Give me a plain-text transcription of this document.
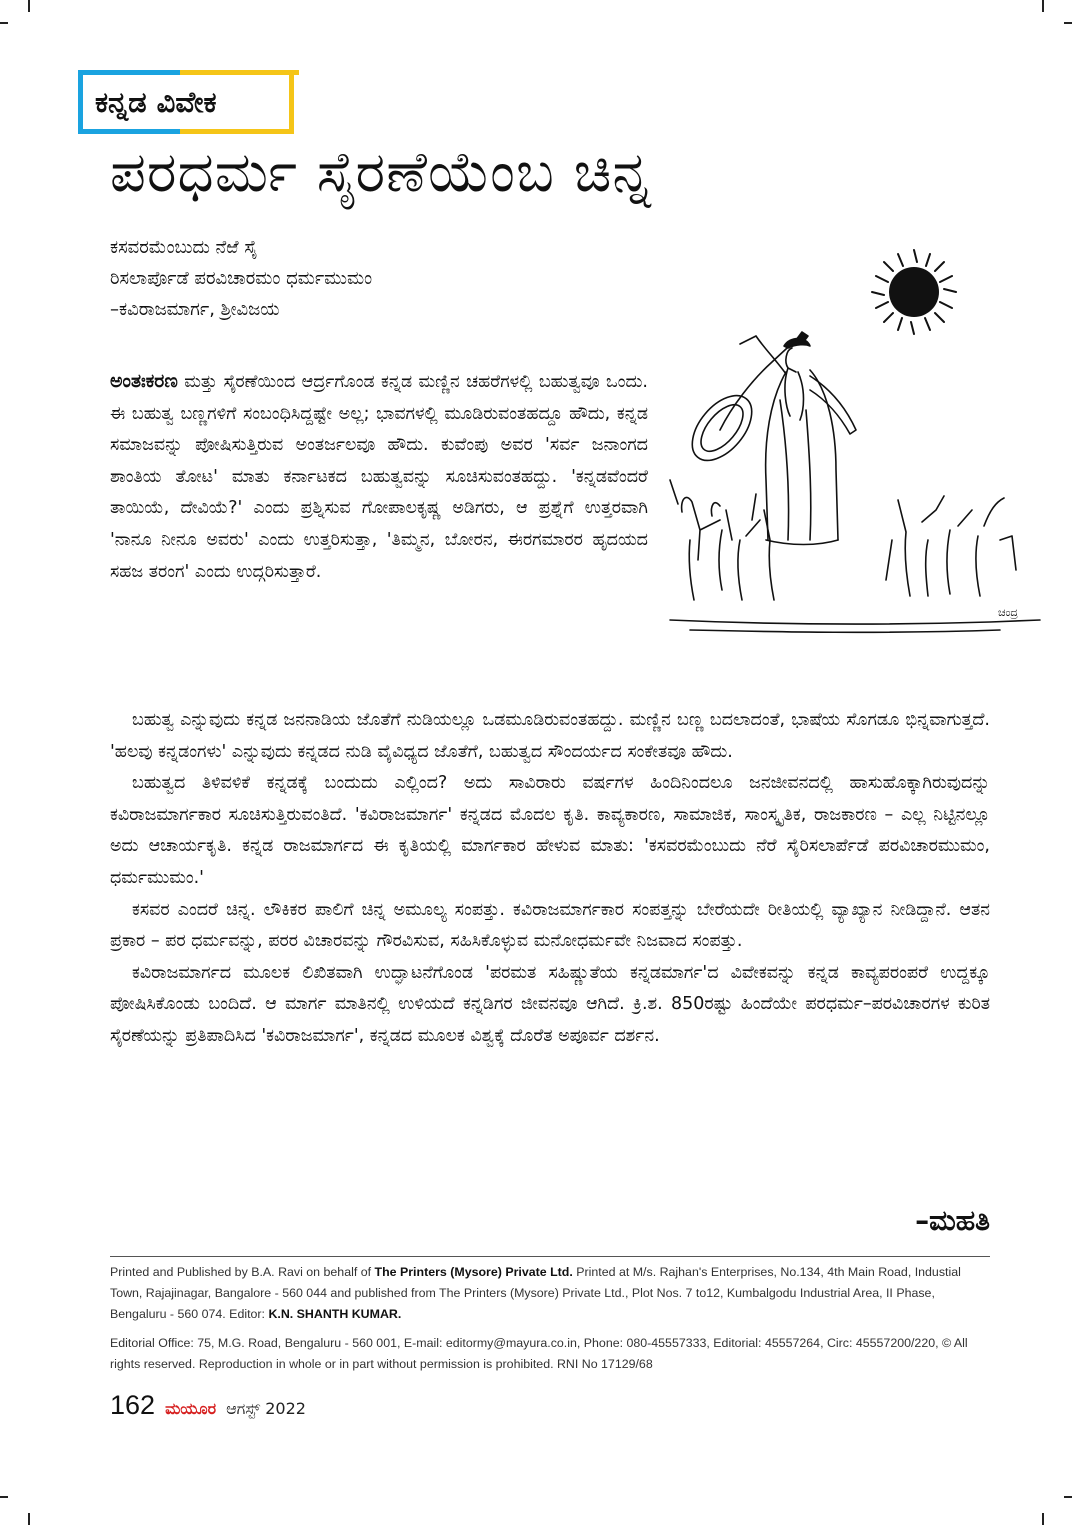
ಕನ್ನಡ ವಿವೇಕ
ಪರಧರ್ಮ ಸೈರಣೆಯೆಂಬ ಚಿನ್ನ
ಕಸವರಮೆಂಬುದು ನೆಱೆ ಸೈ
ರಿಸಲಾರ್ಪೊಡೆ ಪರವಿಚಾರಮಂ ಧರ್ಮಮುಮಂ
–ಕವಿರಾಜಮಾರ್ಗ, ಶ್ರೀವಿಜಯ
ಚಂದ್ರ
ಅಂತಃಕರಣ ಮತ್ತು ಸೈರಣೆಯಿಂದ ಆರ್ದ್ರಗೊಂಡ ಕನ್ನಡ ಮಣ್ಣಿನ ಚಹರೆಗಳಲ್ಲಿ ಬಹುತ್ವವೂ ಒಂದು. ಈ ಬಹುತ್ವ ಬಣ್ಣಗಳಿಗೆ ಸಂಬಂಧಿಸಿದ್ದಷ್ಟೇ ಅಲ್ಲ; ಭಾವಗಳಲ್ಲಿ ಮೂಡಿರುವಂತಹದ್ದೂ ಹೌದು, ಕನ್ನಡ ಸಮಾಜವನ್ನು ಪೋಷಿಸುತ್ತಿರುವ ಅಂತರ್ಜಲವೂ ಹೌದು. ಕುವೆಂಪು ಅವರ 'ಸರ್ವ ಜನಾಂಗದ ಶಾಂತಿಯ ತೋಟ' ಮಾತು ಕರ್ನಾಟಕದ ಬಹುತ್ವವನ್ನು ಸೂಚಿಸುವಂತಹದ್ದು. 'ಕನ್ನಡವೆಂದರೆ ತಾಯಿಯೆ, ದೇವಿಯೆ?' ಎಂದು ಪ್ರಶ್ನಿಸುವ ಗೋಪಾಲಕೃಷ್ಣ ಅಡಿಗರು, ಆ ಪ್ರಶ್ನೆಗೆ ಉತ್ತರವಾಗಿ 'ನಾನೂ ನೀನೂ ಅವರು' ಎಂದು ಉತ್ತರಿಸುತ್ತಾ, 'ತಿಮ್ಮನ, ಬೋರನ, ಈರಗಮಾರರ ಹೃದಯದ ಸಹಜ ತರಂಗ' ಎಂದು ಉದ್ಗರಿಸುತ್ತಾರೆ.

ಬಹುತ್ವ ಎನ್ನುವುದು ಕನ್ನಡ ಜನನಾಡಿಯ ಜೊತೆಗೆ ನುಡಿಯಲ್ಲೂ ಒಡಮೂಡಿರುವಂತಹದ್ದು. ಮಣ್ಣಿನ ಬಣ್ಣ ಬದಲಾದಂತೆ, ಭಾಷೆಯ ಸೊಗಡೂ ಭಿನ್ನವಾಗುತ್ತದೆ. 'ಹಲವು ಕನ್ನಡಂಗಳು' ಎನ್ನುವುದು ಕನ್ನಡದ ನುಡಿ ವೈವಿಧ್ಯದ ಜೊತೆಗೆ, ಬಹುತ್ವದ ಸೌಂದರ್ಯದ ಸಂಕೇತವೂ ಹೌದು.

ಬಹುತ್ವದ ತಿಳಿವಳಿಕೆ ಕನ್ನಡಕ್ಕೆ ಬಂದುದು ಎಲ್ಲಿಂದ? ಅದು ಸಾವಿರಾರು ವರ್ಷಗಳ ಹಿಂದಿನಿಂದಲೂ ಜನಜೀವನದಲ್ಲಿ ಹಾಸುಹೊಕ್ಕಾಗಿರುವುದನ್ನು ಕವಿರಾಜಮಾರ್ಗಕಾರ ಸೂಚಿಸುತ್ತಿರುವಂತಿದೆ. 'ಕವಿರಾಜಮಾರ್ಗ' ಕನ್ನಡದ ಮೊದಲ ಕೃತಿ. ಕಾವ್ಯಕಾರಣ, ಸಾಮಾಜಿಕ, ಸಾಂಸ್ಕೃತಿಕ, ರಾಜಕಾರಣ – ಎಲ್ಲ ನಿಟ್ಟಿನಲ್ಲೂ ಅದು ಆಚಾರ್ಯಕೃತಿ. ಕನ್ನಡ ರಾಜಮಾರ್ಗದ ಈ ಕೃತಿಯಲ್ಲಿ ಮಾರ್ಗಕಾರ ಹೇಳುವ ಮಾತು: 'ಕಸವರಮೆಂಬುದು ನೆರೆ ಸೈರಿಸಲಾರ್ಪೆಡೆ ಪರವಿಚಾರಮುಮಂ, ಧರ್ಮಮುಮಂ.'

ಕಸವರ ಎಂದರೆ ಚಿನ್ನ. ಲೌಕಿಕರ ಪಾಲಿಗೆ ಚಿನ್ನ ಅಮೂಲ್ಯ ಸಂಪತ್ತು. ಕವಿರಾಜಮಾರ್ಗಕಾರ ಸಂಪತ್ತನ್ನು ಬೇರೆಯದೇ ರೀತಿಯಲ್ಲಿ ವ್ಯಾಖ್ಯಾನ ನೀಡಿದ್ದಾನೆ. ಆತನ ಪ್ರಕಾರ – ಪರ ಧರ್ಮವನ್ನು, ಪರರ ವಿಚಾರವನ್ನು ಗೌರವಿಸುವ, ಸಹಿಸಿಕೊಳ್ಳುವ ಮನೋಧರ್ಮವೇ ನಿಜವಾದ ಸಂಪತ್ತು.

ಕವಿರಾಜಮಾರ್ಗದ ಮೂಲಕ ಲಿಖಿತವಾಗಿ ಉದ್ಘಾಟನೆಗೊಂಡ 'ಪರಮತ ಸಹಿಷ್ಣುತೆಯ ಕನ್ನಡಮಾರ್ಗ'ದ ವಿವೇಕವನ್ನು ಕನ್ನಡ ಕಾವ್ಯಪರಂಪರೆ ಉದ್ದಕ್ಕೂ ಪೋಷಿಸಿಕೊಂಡು ಬಂದಿದೆ. ಆ ಮಾರ್ಗ ಮಾತಿನಲ್ಲಿ ಉಳಿಯದೆ ಕನ್ನಡಿಗರ ಜೀವನವೂ ಆಗಿದೆ. ಕ್ರಿ.ಶ. 850ರಷ್ಟು ಹಿಂದೆಯೇ ಪರಧರ್ಮ–ಪರವಿಚಾರಗಳ ಕುರಿತ ಸೈರಣೆಯನ್ನು ಪ್ರತಿಪಾದಿಸಿದ 'ಕವಿರಾಜಮಾರ್ಗ', ಕನ್ನಡದ ಮೂಲಕ ವಿಶ್ವಕ್ಕೆ ದೊರೆತ ಅಪೂರ್ವ ದರ್ಶನ.

–ಮಹತಿ

Printed and Published by B.A. Ravi on behalf of The Printers (Mysore) Private Ltd. Printed at M/s. Rajhan's Enterprises, No.134, 4th Main Road, Industial Town, Rajajinagar, Bangalore - 560 044 and published from The Printers (Mysore) Private Ltd., Plot Nos. 7 to12, Kumbalgodu Industrial Area, II Phase, Bengaluru - 560 074. Editor: K.N. SHANTH KUMAR.

Editorial Office: 75, M.G. Road, Bengaluru - 560 001, E-mail: editormy@mayura.co.in, Phone: 080-45557333, Editorial: 45557264, Circ: 45557200/220, © All rights reserved. Reproduction in whole or in part without permission is prohibited. RNI No 17129/68

162 ಮಯೂರ ಆಗಸ್ಟ್ 2022
